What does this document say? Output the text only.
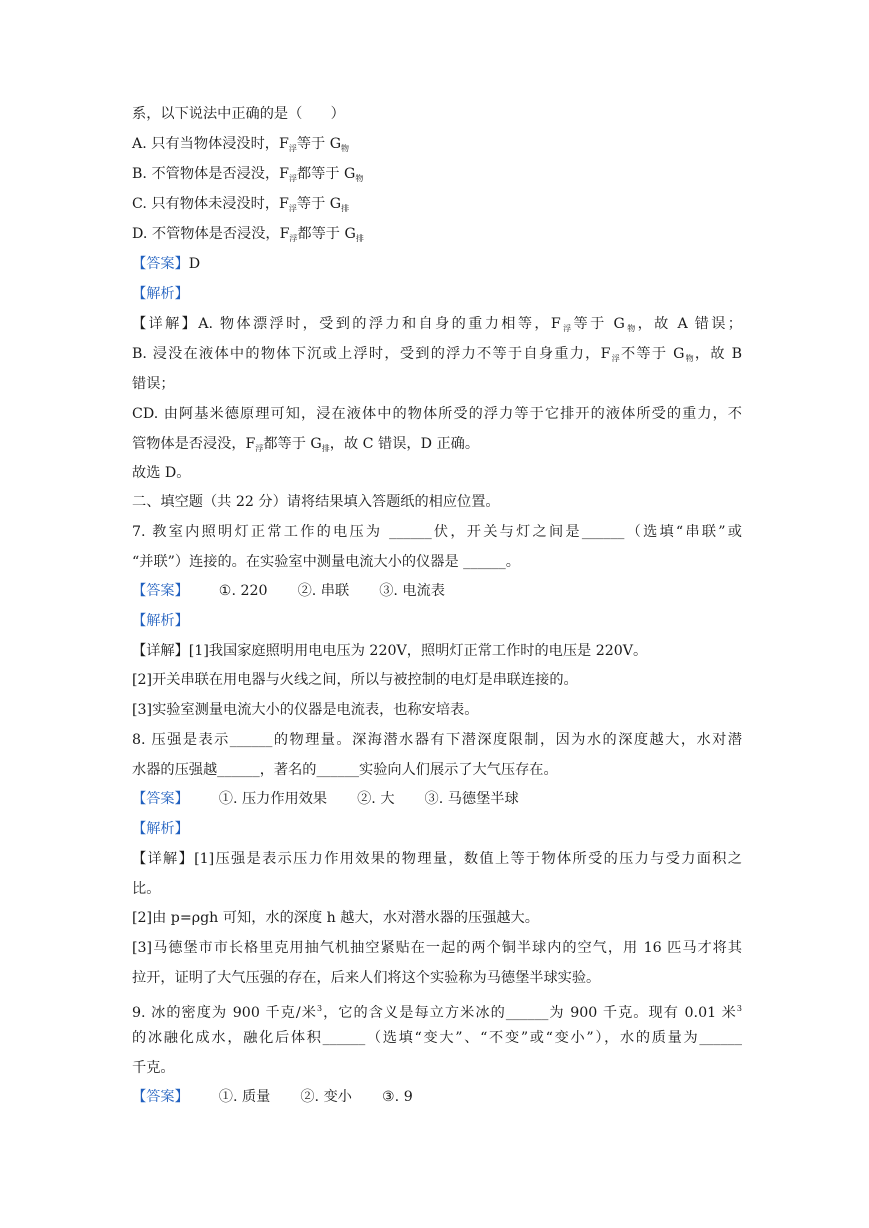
系，以下说法中正确的是（　　）
A. 只有当物体浸没时，$F_浮$等于 $G_物$
B. 不管物体是否浸没，$F_浮$都等于 $G_物$
C. 只有物体未浸没时，$F_浮$等于 $G_排$
D. 不管物体是否浸没，$F_浮$都等于 $G_排$
【答案】D
【解析】
【详解】A. 物体漂浮时，受到的浮力和自身的重力相等，$F_浮$等于 $G_物$，故 A 错误；
B. 浸没在液体中的物体下沉或上浮时，受到的浮力不等于自身重力，$F_浮$不等于 $G_物$，故 B
错误；
CD. 由阿基米德原理可知，浸在液体中的物体所受的浮力等于它排开的液体所受的重力，不
管物体是否浸没，$F_浮$都等于 $G_排$，故 C 错误，D 正确。
故选 D。
二、填空题（共 22 分）请将结果填入答题纸的相应位置。
7. 教室内照明灯正常工作的电压为 ______伏，开关与灯之间是______（选填“串联”或
“并联”）连接的。在实验室中测量电流大小的仪器是 ______。
【答案】 ①. 220 ②. 串联 ③. 电流表
【解析】
【详解】[1]我国家庭照明用电电压为 220V，照明灯正常工作时的电压是 220V。
[2]开关串联在用电器与火线之间，所以与被控制的电灯是串联连接的。
[3]实验室测量电流大小的仪器是电流表，也称安培表。
8. 压强是表示______的物理量。深海潜水器有下潜深度限制，因为水的深度越大，水对潜
水器的压强越______，著名的______实验向人们展示了大气压存在。
【答案】 ①. 压力作用效果 ②. 大 ③. 马德堡半球
【解析】
【详解】[1]压强是表示压力作用效果的物理量，数值上等于物体所受的压力与受力面积之
比。
[2]由 p=ρgh 可知，水的深度 h 越大，水对潜水器的压强越大。
[3]马德堡市市长格里克用抽气机抽空紧贴在一起的两个铜半球内的空气，用 16 匹马才将其
拉开，证明了大气压强的存在，后来人们将这个实验称为马德堡半球实验。
9. 冰的密度为 900 千克/米$^3$，它的含义是每立方米冰的______为 900 千克。现有 0.01 米$^3$
的冰融化成水，融化后体积______（选填“变大”、“不变”或“变小”），水的质量为______
千克。
【答案】 ①. 质量 ②. 变小 ③. 9
